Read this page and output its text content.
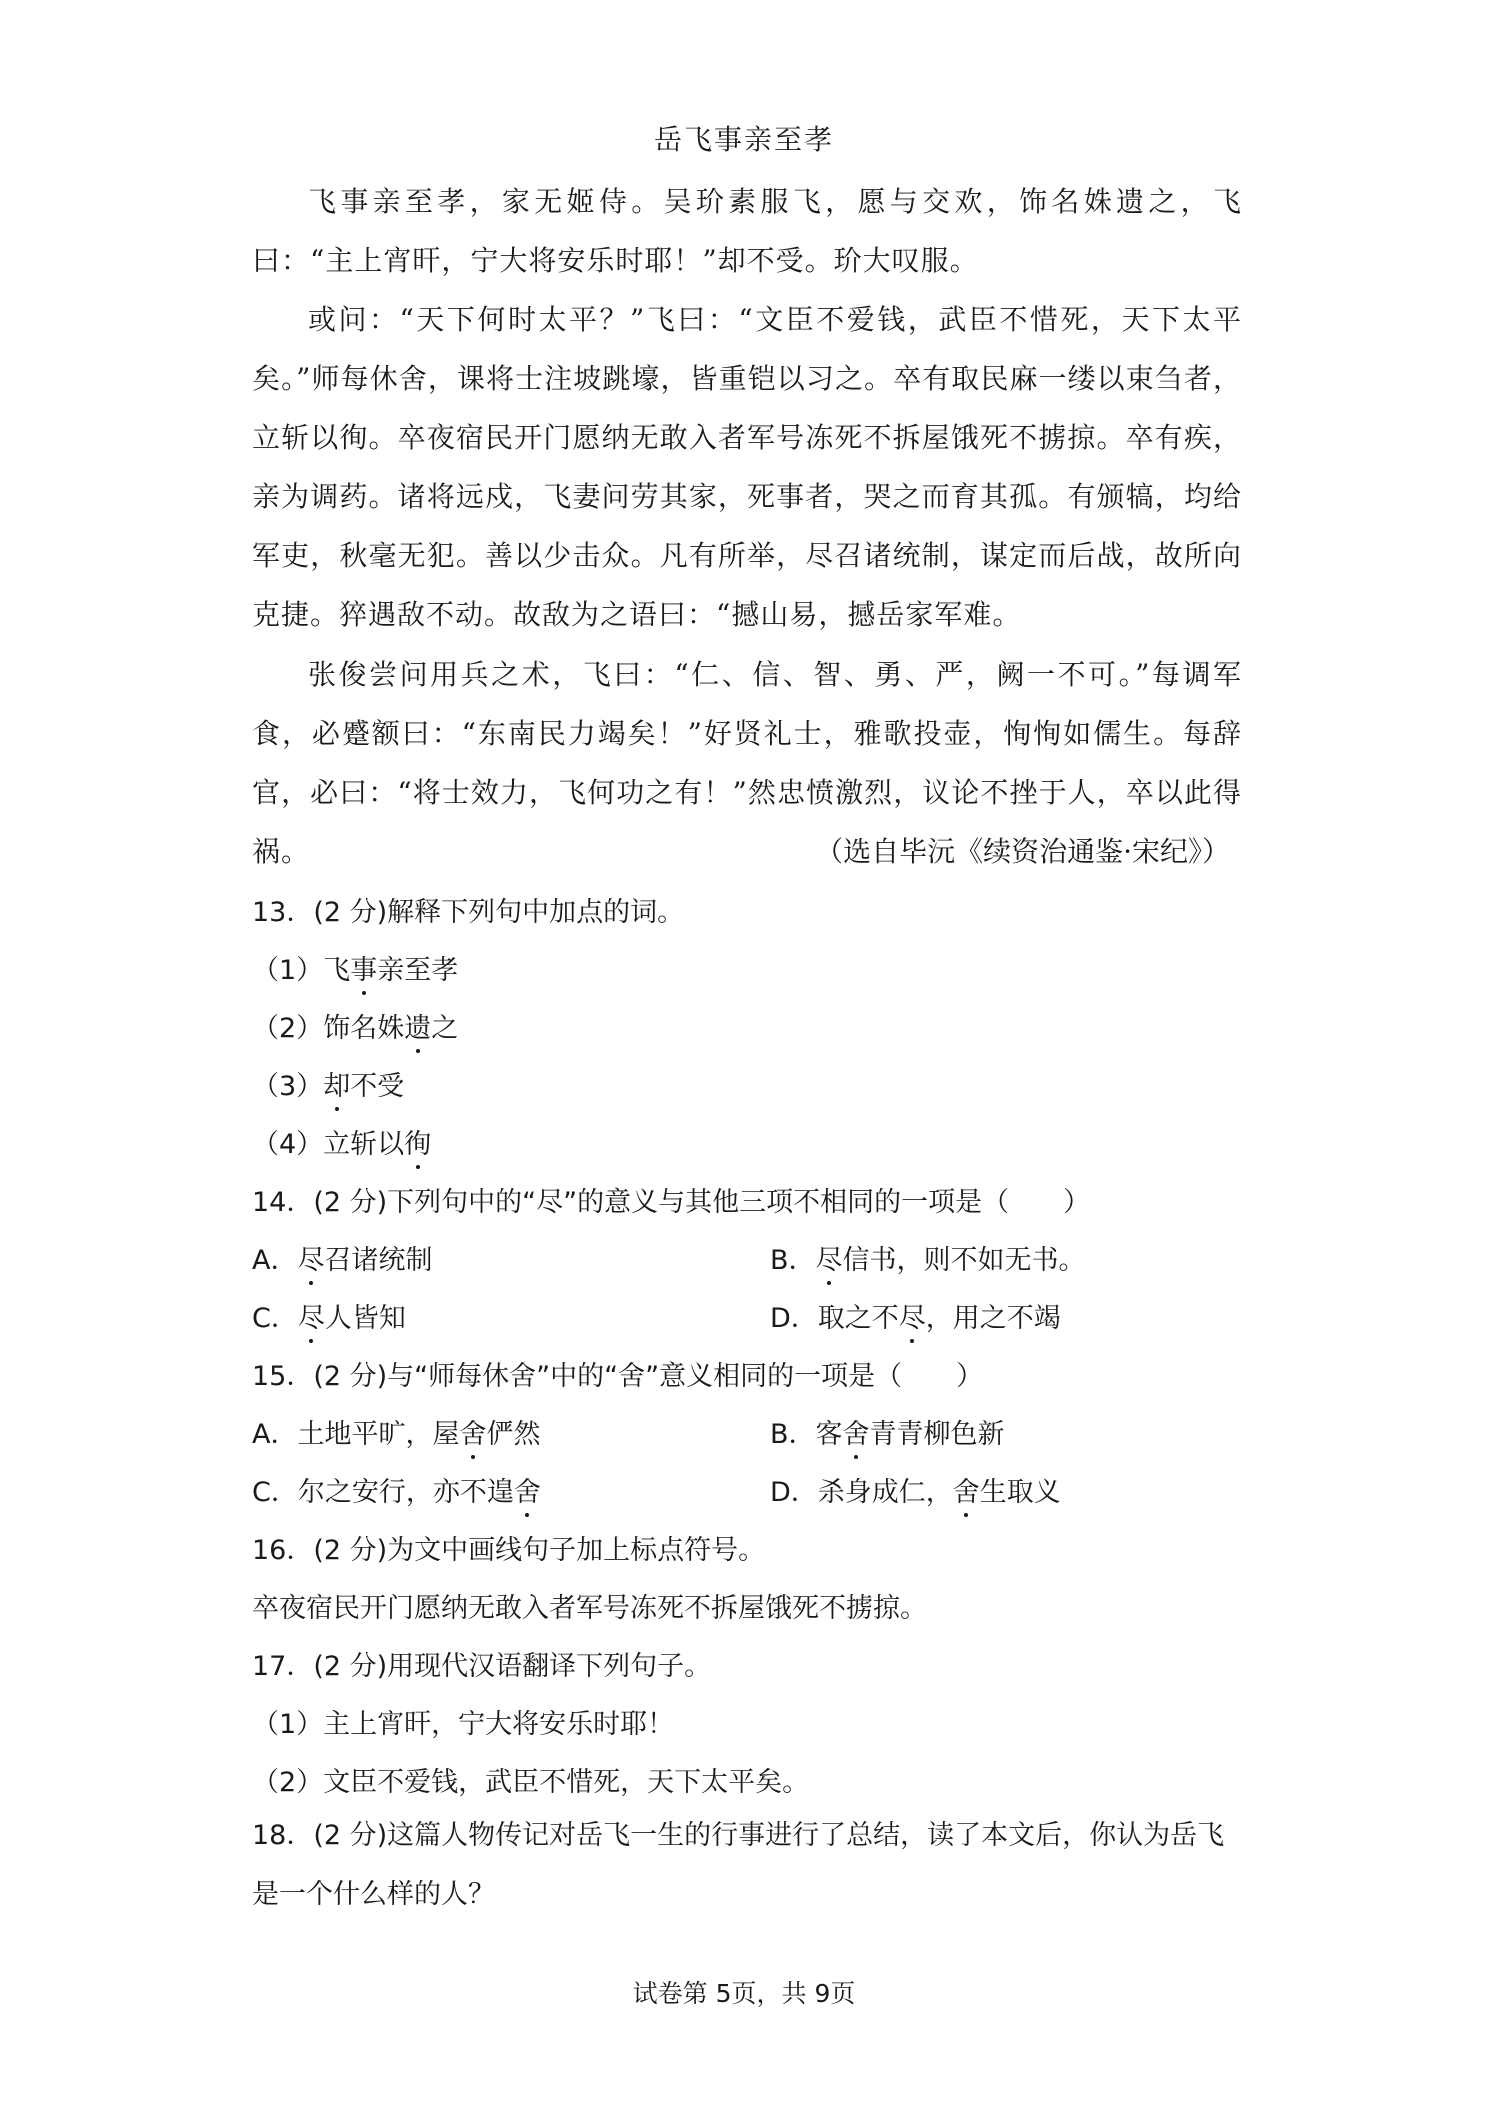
岳飞事亲至孝
飞事亲至孝，家无姬侍。吴玠素服飞，愿与交欢，饰名姝遗之，飞曰：“主上宵旰，宁大将安乐时耶！”却不受。玠大叹服。
或问：“天下何时太平？”飞曰：“文臣不爱钱，武臣不惜死，天下太平矣。”师每休舍，课将士注坡跳壕，皆重铠以习之。卒有取民麻一缕以束刍者，立斩以徇。卒夜宿民开门愿纳无敢入者军号冻死不拆屋饿死不掳掠。卒有疾，亲为调药。诸将远戍，飞妻问劳其家，死事者，哭之而育其孤。有颁犒，均给军吏，秋毫无犯。善以少击众。凡有所举，尽召诸统制，谋定而后战，故所向克捷。猝遇敌不动。故敌为之语曰：“撼山易，撼岳家军难。
张俊尝问用兵之术，飞曰：“仁、信、智、勇、严，阙一不可。”每调军食，必蹙额曰：“东南民力竭矣！”好贤礼士，雅歌投壶，恂恂如儒生。每辞官，必曰：“将士效力，飞何功之有！”然忠愤激烈，议论不挫于人，卒以此得祸。	（选自毕沅《续资治通鉴·宋纪》）
13．(2 分)解释下列句中加点的词。
（1）飞事亲至孝
（2）饰名姝遗之
（3）却不受
（4）立斩以徇
14．(2 分)下列句中的“尽”的意义与其他三项不相同的一项是（　　）
A．尽召诸统制	B．尽信书，则不如无书。
C．尽人皆知	D．取之不尽，用之不竭
15．(2 分)与“师每休舍”中的“舍”意义相同的一项是（　　）
A．土地平旷，屋舍俨然	B．客舍青青柳色新
C．尔之安行，亦不遑舍	D．杀身成仁，舍生取义
16．(2 分)为文中画线句子加上标点符号。
卒夜宿民开门愿纳无敢入者军号冻死不拆屋饿死不掳掠。
17．(2 分)用现代汉语翻译下列句子。
（1）主上宵旰，宁大将安乐时耶！
（2）文臣不爱钱，武臣不惜死，天下太平矣。
18．(2 分)这篇人物传记对岳飞一生的行事进行了总结，读了本文后，你认为岳飞是一个什么样的人？
试卷第 5页，共 9页
